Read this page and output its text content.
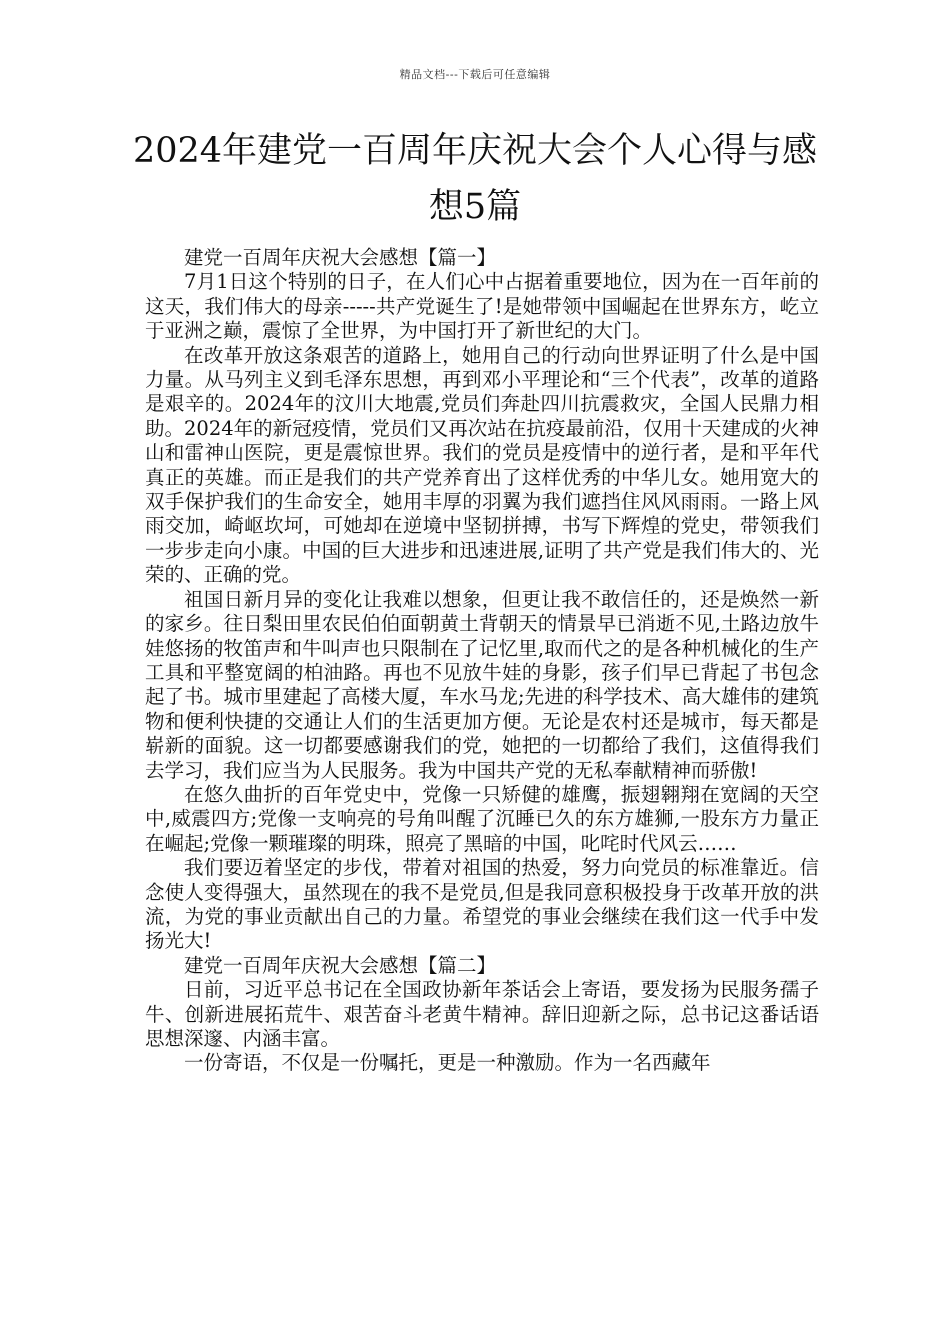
精品文档---下载后可任意编辑
2024年建党一百周年庆祝大会个人心得与感想5篇

建党一百周年庆祝大会感想【篇一】

7月1日这个特别的日子，在人们心中占据着重要地位，因为在一百年前的这天，我们伟大的母亲-----共产党诞生了!是她带领中国崛起在世界东方，屹立于亚洲之巅，震惊了全世界，为中国打开了新世纪的大门。

在改革开放这条艰苦的道路上，她用自己的行动向世界证明了什么是中国力量。从马列主义到毛泽东思想，再到邓小平理论和“三个代表”，改革的道路是艰辛的。2024年的汶川大地震,党员们奔赴四川抗震救灾，全国人民鼎力相助。2024年的新冠疫情，党员们又再次站在抗疫最前沿，仅用十天建成的火神山和雷神山医院，更是震惊世界。我们的党员是疫情中的逆行者，是和平年代真正的英雄。而正是我们的共产党养育出了这样优秀的中华儿女。她用宽大的双手保护我们的生命安全，她用丰厚的羽翼为我们遮挡住风风雨雨。一路上风雨交加，崎岖坎坷，可她却在逆境中坚韧拼搏，书写下辉煌的党史，带领我们一步步走向小康。中国的巨大进步和迅速进展,证明了共产党是我们伟大的、光荣的、正确的党。

祖国日新月异的变化让我难以想象，但更让我不敢信任的，还是焕然一新的家乡。往日梨田里农民伯伯面朝黄土背朝天的情景早已消逝不见,土路边放牛娃悠扬的牧笛声和牛叫声也只限制在了记忆里,取而代之的是各种机械化的生产工具和平整宽阔的柏油路。再也不见放牛娃的身影，孩子们早已背起了书包念起了书。城市里建起了高楼大厦，车水马龙;先进的科学技术、高大雄伟的建筑物和便利快捷的交通让人们的生活更加方便。无论是农村还是城市，每天都是崭新的面貌。这一切都要感谢我们的党，她把的一切都给了我们，这值得我们去学习，我们应当为人民服务。我为中国共产党的无私奉献精神而骄傲!

在悠久曲折的百年党史中，党像一只矫健的雄鹰，振翅翱翔在宽阔的天空中,威震四方;党像一支响亮的号角叫醒了沉睡已久的东方雄狮,一股东方力量正在崛起;党像一颗璀璨的明珠，照亮了黑暗的中国，叱咤时代风云……

我们要迈着坚定的步伐，带着对祖国的热爱，努力向党员的标准靠近。信念使人变得强大，虽然现在的我不是党员,但是我同意积极投身于改革开放的洪流，为党的事业贡献出自己的力量。希望党的事业会继续在我们这一代手中发扬光大!

建党一百周年庆祝大会感想【篇二】

日前，习近平总书记在全国政协新年茶话会上寄语，要发扬为民服务孺子牛、创新进展拓荒牛、艰苦奋斗老黄牛精神。辞旧迎新之际，总书记这番话语思想深邃、内涵丰富。

一份寄语，不仅是一份嘱托，更是一种激励。作为一名西藏年
